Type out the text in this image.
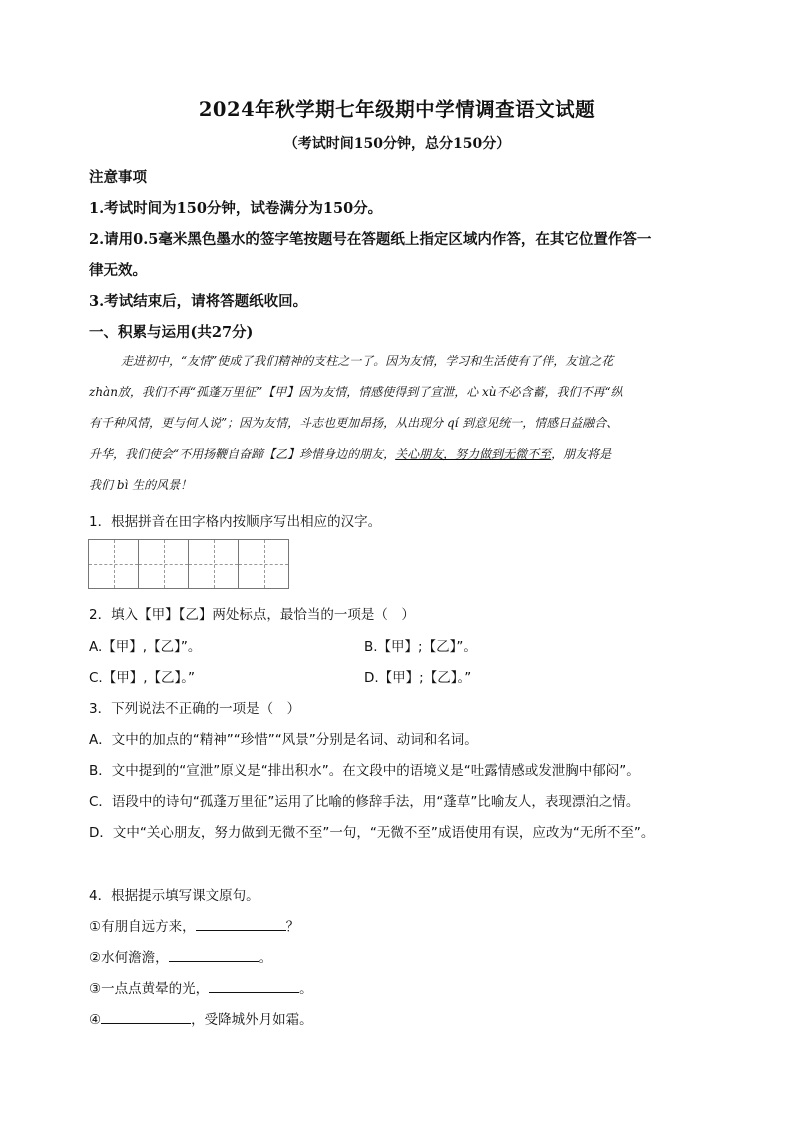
2024年秋学期七年级期中学情调查语文试题
（考试时间150分钟，总分150分）
注意事项
1.考试时间为150分钟，试卷满分为150分。
2.请用0.5毫米黑色墨水的签字笔按题号在答题纸上指定区域内作答，在其它位置作答一
律无效。
3.考试结束后，请将答题纸收回。
一、积累与运用(共27分)

走进初中，“友情”使成了我们精神的支柱之一了。因为友情，学习和生活使有了伴，友谊之花

zhàn放，我们不再“孤蓬万里征”【甲】因为友情，情感使得到了宣泄，心 xù不必含蓄，我们不再“纵

有千种风情，更与何人说”；因为友情，斗志也更加昂扬，从出现分 qí 到意见统一，情感日益融合、

升华，我们使会“不用扬鞭自奋蹄【乙】珍惜身边的朋友，关心朋友，努力做到无微不至，朋友将是

我们 bì 生的风景！

1．根据拼音在田字格内按顺序写出相应的汉字。
2．填入【甲】【乙】两处标点，最恰当的一项是（　）
A.【甲】,【乙】”。	B.【甲】;【乙】”。
C.【甲】,【乙】。”	D.【甲】;【乙】。”
3．下列说法不正确的一项是（　）
A．文中的加点的“精神”“珍惜”“风景”分别是名词、动词和名词。
B．文中提到的“宣泄”原义是“排出积水”。在文段中的语境义是“吐露情感或发泄胸中郁闷”。
C．语段中的诗句“孤蓬万里征”运用了比喻的修辞手法，用“蓬草”比喻友人，表现漂泊之情。
D．文中“关心朋友，努力做到无微不至”一句，“无微不至”成语使用有误，应改为“无所不至”。
4．根据提示填写课文原句。
①有朋自远方来，	？
②水何澹澹，	。
③一点点黄晕的光，	。
④	，受降城外月如霜。
